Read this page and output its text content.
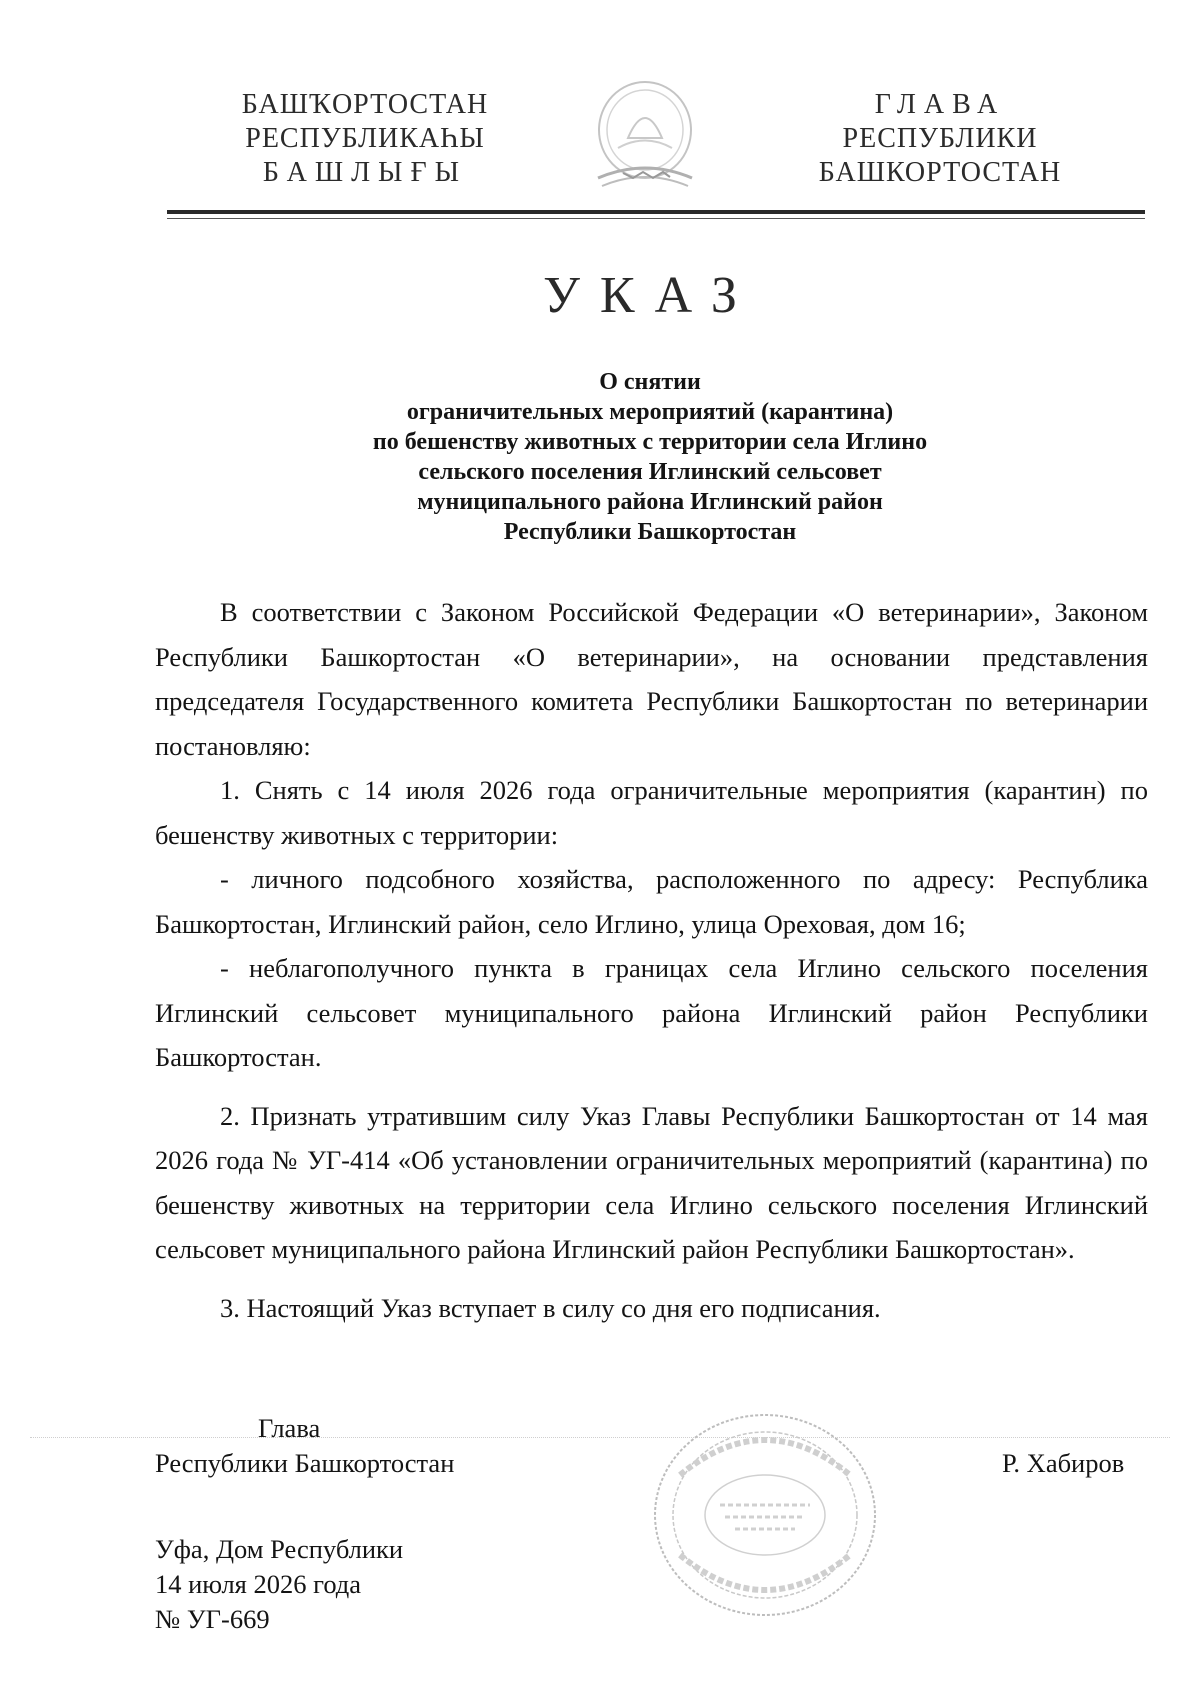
БАШҠОРТОСТАН
РЕСПУБЛИКАҺЫ
БАШЛЫҒЫ
ГЛАВА
РЕСПУБЛИКИ
БАШКОРТОСТАН
УКАЗ
О снятии
ограничительных мероприятий (карантина)
по бешенству животных с территории села Иглино
сельского поселения Иглинский сельсовет
муниципального района Иглинский район
Республики Башкортостан

В соответствии с Законом Российской Федерации «О ветеринарии», Законом Республики Башкортостан «О ветеринарии», на основании представления председателя Государственного комитета Республики Башкортостан по ветеринарии постановляю:

1. Снять с 14 июля 2026 года ограничительные мероприятия (карантин) по бешенству животных с территории:

- личного подсобного хозяйства, расположенного по адресу: Республика Башкортостан, Иглинский район, село Иглино, улица Ореховая, дом 16;

- неблагополучного пункта в границах села Иглино сельского поселения Иглинский сельсовет муниципального района Иглинский район Республики Башкортостан.

2. Признать утратившим силу Указ Главы Республики Башкортостан от 14 мая 2026 года № УГ-414 «Об установлении ограничительных мероприятий (карантина) по бешенству животных на территории села Иглино сельского поселения Иглинский сельсовет муниципального района Иглинский район Республики Башкортостан».

3. Настоящий Указ вступает в силу со дня его подписания.

Глава
Республики Башкортостан	Р. Хабиров
Уфа, Дом Республики
14 июля 2026 года
№ УГ-669
